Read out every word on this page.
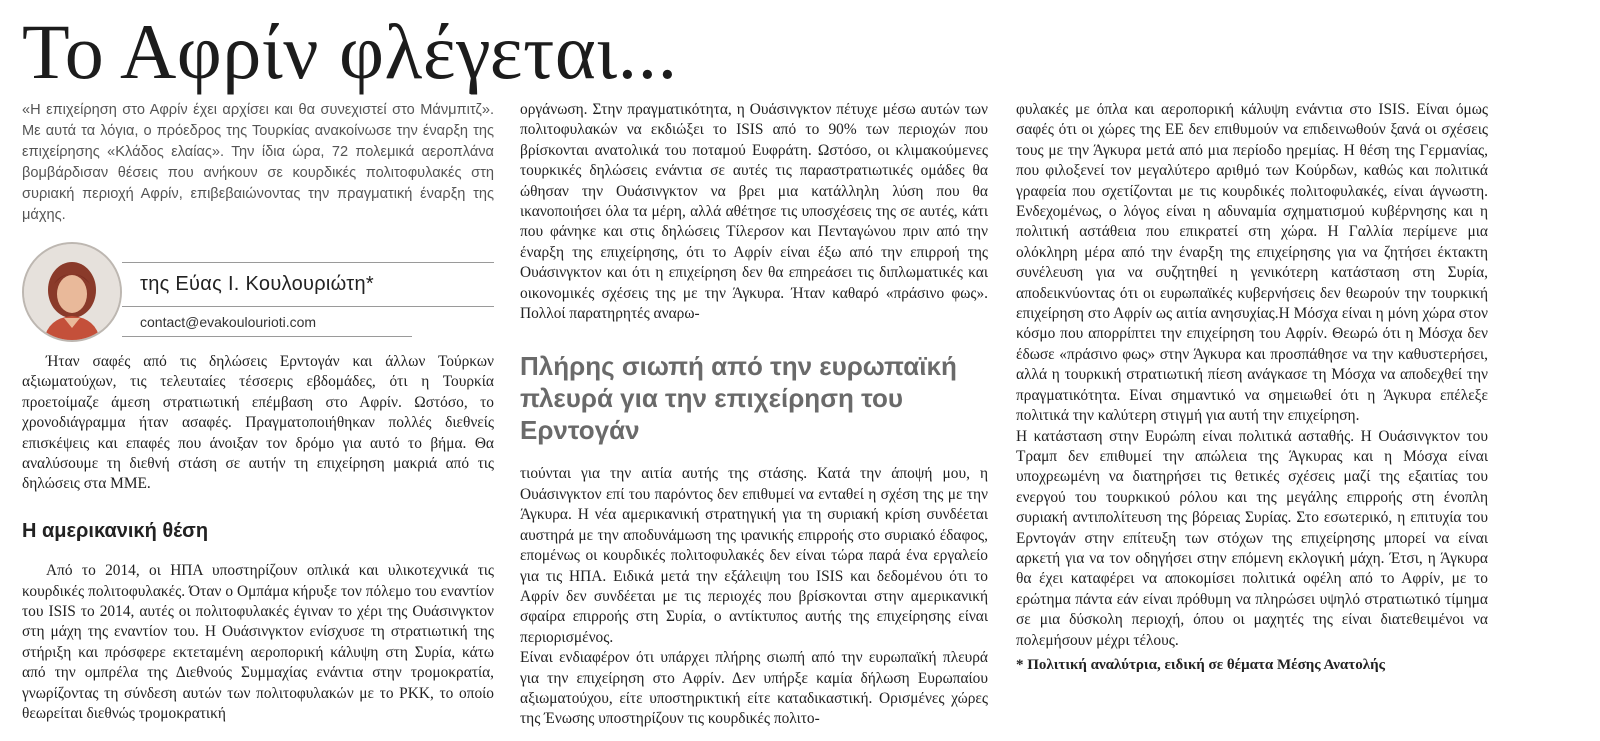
Το Αφρίν φλέγεται...

«Η επιχείρηση στο Αφρίν έχει αρχίσει και θα συνεχιστεί στο Μάνμπιτζ». Με αυτά τα λόγια, ο πρόεδρος της Τουρκίας ανακοίνωσε την έναρξη της επιχείρησης «Κλάδος ελαίας». Την ίδια ώρα, 72 πολεμικά αεροπλάνα βομβάρδισαν θέσεις που ανήκουν σε κουρδικές πολιτοφυλακές στη συριακή περιοχή Αφρίν, επιβεβαιώνοντας την πραγματική έναρξη της μάχης.

της Εύας Ι. Κουλουριώτη*
contact@evakoulourioti.com

Ήταν σαφές από τις δηλώσεις Ερντογάν και άλλων Τούρκων αξιωματούχων, τις τελευταίες τέσσερις εβδομάδες, ότι η Τουρκία προετοίμαζε άμεση στρατιωτική επέμβαση στο Αφρίν. Ωστόσο, το χρονοδιάγραμμα ήταν ασαφές. Πραγματοποιήθηκαν πολλές διεθνείς επισκέψεις και επαφές που άνοιξαν τον δρόμο για αυτό το βήμα. Θα αναλύσουμε τη διεθνή στάση σε αυτήν τη επιχείρηση μακριά από τις δηλώσεις στα ΜΜΕ.

Η αμερικανική θέση

Από το 2014, οι ΗΠΑ υποστηρίζουν οπλικά και υλικοτεχνικά τις κουρδικές πολιτοφυλακές. Όταν ο Ομπάμα κήρυξε τον πόλεμο του εναντίον του ISIS το 2014, αυτές οι πολιτοφυλακές έγιναν το χέρι της Ουάσινγκτον στη μάχη της εναντίον του. Η Ουάσινγκτον ενίσχυσε τη στρατιωτική της στήριξη και πρόσφερε εκτεταμένη αεροπορική κάλυψη στη Συρία, κάτω από την ομπρέλα της Διεθνούς Συμμαχίας ενάντια στην τρομοκρατία, γνωρίζοντας τη σύνδεση αυτών των πολιτοφυλακών με το PKK, το οποίο θεωρείται διεθνώς τρομοκρατική

οργάνωση. Στην πραγματικότητα, η Ουάσινγκτον πέτυχε μέσω αυτών των πολιτοφυλακών να εκδιώξει το ISIS από το 90% των περιοχών που βρίσκονται ανατολικά του ποταμού Ευφράτη. Ωστόσο, οι κλιμακούμενες τουρκικές δηλώσεις ενάντια σε αυτές τις παραστρατιωτικές ομάδες θα ώθησαν την Ουάσινγκτον να βρει μια κατάλληλη λύση που θα ικανοποιήσει όλα τα μέρη, αλλά αθέτησε τις υποσχέσεις της σε αυτές, κάτι που φάνηκε και στις δηλώσεις Τίλερσον και Πενταγώνου πριν από την έναρξη της επιχείρησης, ότι το Αφρίν είναι έξω από την επιρροή της Ουάσινγκτον και ότι η επιχείρηση δεν θα επηρεάσει τις διπλωματικές και οικονομικές σχέσεις της με την Άγκυρα. Ήταν καθαρό «πράσινο φως». Πολλοί παρατηρητές αναρω-

Πλήρης σιωπή από την ευρωπαϊκή πλευρά για την επιχείρηση του Ερντογάν

τιούνται για την αιτία αυτής της στάσης. Κατά την άποψή μου, η Ουάσινγκτον επί του παρόντος δεν επιθυμεί να ενταθεί η σχέση της με την Άγκυρα. Η νέα αμερικανική στρατηγική για τη συριακή κρίση συνδέεται αυστηρά με την αποδυνάμωση της ιρανικής επιρροής στο συριακό έδαφος, επομένως οι κουρδικές πολιτοφυλακές δεν είναι τώρα παρά ένα εργαλείο για τις ΗΠΑ. Ειδικά μετά την εξάλειψη του ISIS και δεδομένου ότι το Αφρίν δεν συνδέεται με τις περιοχές που βρίσκονται στην αμερικανική σφαίρα επιρροής στη Συρία, ο αντίκτυπος αυτής της επιχείρησης είναι περιορισμένος.

Είναι ενδιαφέρον ότι υπάρχει πλήρης σιωπή από την ευρωπαϊκή πλευρά για την επιχείρηση στο Αφρίν. Δεν υπήρξε καμία δήλωση Ευρωπαίου αξιωματούχου, είτε υποστηρικτική είτε καταδικαστική. Ορισμένες χώρες της Ένωσης υποστηρίζουν τις κουρδικές πολιτο-

φυλακές με όπλα και αεροπορική κάλυψη ενάντια στο ISIS. Είναι όμως σαφές ότι οι χώρες της ΕΕ δεν επιθυμούν να επιδεινωθούν ξανά οι σχέσεις τους με την Άγκυρα μετά από μια περίοδο ηρεμίας. Η θέση της Γερμανίας, που φιλοξενεί τον μεγαλύτερο αριθμό των Κούρδων, καθώς και πολιτικά γραφεία που σχετίζονται με τις κουρδικές πολιτοφυλακές, είναι άγνωστη. Ενδεχομένως, ο λόγος είναι η αδυναμία σχηματισμού κυβέρνησης και η πολιτική αστάθεια που επικρατεί στη χώρα. Η Γαλλία περίμενε μια ολόκληρη μέρα από την έναρξη της επιχείρησης για να ζητήσει έκτακτη συνέλευση για να συζητηθεί η γενικότερη κατάσταση στη Συρία, αποδεικνύοντας ότι οι ευρωπαϊκές κυβερνήσεις δεν θεωρούν την τουρκική επιχείρηση στο Αφρίν ως αιτία ανησυχίας.Η Μόσχα είναι η μόνη χώρα στον κόσμο που απορρίπτει την επιχείρηση του Αφρίν. Θεωρώ ότι η Μόσχα δεν έδωσε «πράσινο φως» στην Άγκυρα και προσπάθησε να την καθυστερήσει, αλλά η τουρκική στρατιωτική πίεση ανάγκασε τη Μόσχα να αποδεχθεί την πραγματικότητα. Είναι σημαντικό να σημειωθεί ότι η Άγκυρα επέλεξε πολιτικά την καλύτερη στιγμή για αυτή την επιχείρηση.

Η κατάσταση στην Ευρώπη είναι πολιτικά ασταθής. Η Ουάσινγκτον του Τραμπ δεν επιθυμεί την απώλεια της Άγκυρας και η Μόσχα είναι υποχρεωμένη να διατηρήσει τις θετικές σχέσεις μαζί της εξαιτίας του ενεργού του τουρκικού ρόλου και της μεγάλης επιρροής στη ένοπλη συριακή αντιπολίτευση της βόρειας Συρίας. Στο εσωτερικό, η επιτυχία του Ερντογάν στην επίτευξη των στόχων της επιχείρησης μπορεί να είναι αρκετή για να τον οδηγήσει στην επόμενη εκλογική μάχη. Έτσι, η Άγκυρα θα έχει καταφέρει να αποκομίσει πολιτικά οφέλη από το Αφρίν, με το ερώτημα πάντα εάν είναι πρόθυμη να πληρώσει υψηλό στρατιωτικό τίμημα σε μια δύσκολη περιοχή, όπου οι μαχητές της είναι διατεθειμένοι να πολεμήσουν μέχρι τέλους.

* Πολιτική αναλύτρια, ειδική σε θέματα Μέσης Ανατολής
